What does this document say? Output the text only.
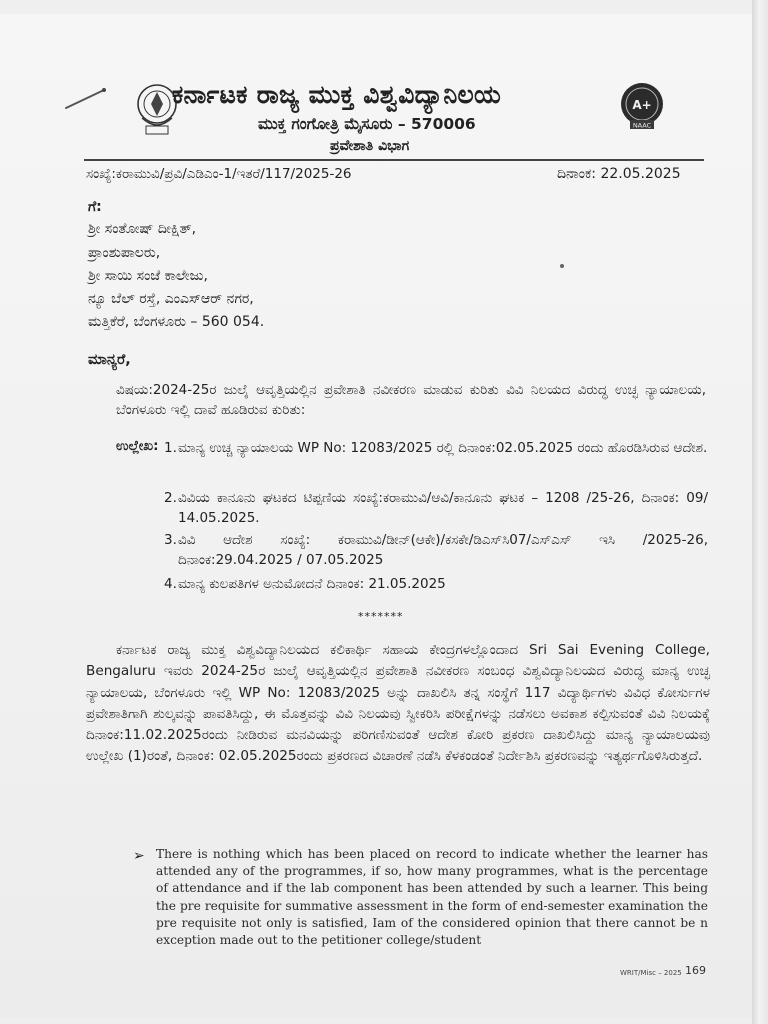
ಕರ್ನಾಟಕ ರಾಜ್ಯ ಮುಕ್ತ ವಿಶ್ವವಿದ್ಯಾನಿಲಯ
ಮುಕ್ತ ಗಂಗೋತ್ರಿ ಮೈಸೂರು – 570006
ಪ್ರವೇಶಾತಿ ವಿಭಾಗ
A+
NAAC
ಸಂಖ್ಯೆ:ಕರಾಮುವಿ/ಪ್ರವಿ/ಎಡಿಎಂ-1/ಇತರೆ/117/2025-26	ದಿನಾಂಕ: 22.05.2025
ಗೆ:
ಶ್ರೀ ಸಂತೋಷ್ ದೀಕ್ಷಿತ್,
ಪ್ರಾಂಶುಪಾಲರು,
ಶ್ರೀ ಸಾಯಿ ಸಂಜೆ ಕಾಲೇಜು,
ನ್ಯೂ ಬೆಲ್ ರಸ್ತೆ, ಎಂಎಸ್‌ಆರ್ ನಗರ,
ಮತ್ತಿಕೆರೆ, ಬೆಂಗಳೂರು – 560 054.
ಮಾನ್ಯರೆ,
ವಿಷಯ:2024-25ರ ಜುಲೈ ಆವೃತ್ತಿಯಲ್ಲಿನ ಪ್ರವೇಶಾತಿ ನವೀಕರಣ ಮಾಡುವ ಕುರಿತು ವಿವಿ ನಿಲಯದ ವಿರುದ್ಧ ಉಚ್ಛ ನ್ಯಾಯಾಲಯ, ಬೆಂಗಳೂರು ಇಲ್ಲಿ ದಾವೆ ಹೂಡಿರುವ ಕುರಿತು:
ಉಲ್ಲೇಖ: 1. ಮಾನ್ಯ ಉಚ್ಚ ನ್ಯಾಯಾಲಯ WP No: 12083/2025 ರಲ್ಲಿ ದಿನಾಂಕ:02.05.2025 ರಂದು ಹೊರಡಿಸಿರುವ ಆದೇಶ.
2. ವಿವಿಯ ಕಾನೂನು ಘಟಕದ ಟಿಪ್ಪಣಿಯ ಸಂಖ್ಯೆ:ಕರಾಮುವಿ/ಆವಿ/ಕಾನೂನು ಘಟಕ – 1208 /25-26, ದಿನಾಂಕ: 09/ 14.05.2025.
3. ವಿವಿ ಆದೇಶ ಸಂಖ್ಯೆ: ಕರಾಮುವಿ/ಡೀನ್(ಆಕೇ)/ಕಸಕೇ/ಡಿಎಸ್‌ಸಿ07/ಎಸ್‌ಎಸ್ ಇಸಿ /2025-26, ದಿನಾಂಕ:29.04.2025 / 07.05.2025
4. ಮಾನ್ಯ ಕುಲಪತಿಗಳ ಅನುಮೋದನೆ ದಿನಾಂಕ: 21.05.2025
*******
ಕರ್ನಾಟಕ ರಾಜ್ಯ ಮುಕ್ತ ವಿಶ್ವವಿದ್ಯಾನಿಲಯದ ಕಲಿಕಾರ್ಥಿ ಸಹಾಯ ಕೇಂದ್ರಗಳಲ್ಲೊಂದಾದ Sri Sai Evening College, Bengaluru ಇವರು 2024-25ರ ಜುಲೈ ಆವೃತ್ತಿಯಲ್ಲಿನ ಪ್ರವೇಶಾತಿ ನವೀಕರಣ ಸಂಬಂಧ ವಿಶ್ವವಿದ್ಯಾನಿಲಯದ ವಿರುದ್ಧ ಮಾನ್ಯ ಉಚ್ಛ ನ್ಯಾಯಾಲಯ, ಬೆಂಗಳೂರು ಇಲ್ಲಿ WP No: 12083/2025 ಅನ್ನು ದಾಖಲಿಸಿ ತನ್ನ ಸಂಸ್ಥೆಗೆ 117 ವಿದ್ಯಾರ್ಥಿಗಳು ವಿವಿಧ ಕೋರ್ಸುಗಳ ಪ್ರವೇಶಾತಿಗಾಗಿ ಶುಲ್ಕವನ್ನು ಪಾವತಿಸಿದ್ದು, ಈ ಮೊತ್ತವನ್ನು ವಿವಿ ನಿಲಯವು ಸ್ವೀಕರಿಸಿ ಪರೀಕ್ಷೆಗಳನ್ನು ನಡೆಸಲು ಅವಕಾಶ ಕಲ್ಪಿಸುವಂತೆ ವಿವಿ ನಿಲಯಕ್ಕೆ ದಿನಾಂಕ:11.02.2025ರಂದು ನೀಡಿರುವ ಮನವಿಯನ್ನು ಪರಿಗಣಿಸುವಂತೆ ಆದೇಶ ಕೋರಿ ಪ್ರಕರಣ ದಾಖಲಿಸಿದ್ದು ಮಾನ್ಯ ನ್ಯಾಯಾಲಯವು ಉಲ್ಲೇಖ (1)ರಂತೆ, ದಿನಾಂಕ: 02.05.2025ರಂದು ಪ್ರಕರಣದ ವಿಚಾರಣೆ ನಡೆಸಿ ಕೆಳಕಂಡಂತೆ ನಿರ್ದೇಶಿಸಿ ಪ್ರಕರಣವನ್ನು ಇತ್ಯರ್ಥಗೊಳಿಸಿರುತ್ತದೆ.
➢ There is nothing which has been placed on record to indicate whether the learner has attended any of the programmes, if so, how many programmes, what is the percentage of attendance and if the lab component has been attended by such a learner. This being the pre requisite for summative assessment in the form of end-semester examination the pre requisite not only is satisfied, Iam of the considered opinion that there cannot be n exception made out to the petitioner college/student
WRIT/Misc – 2025 169
